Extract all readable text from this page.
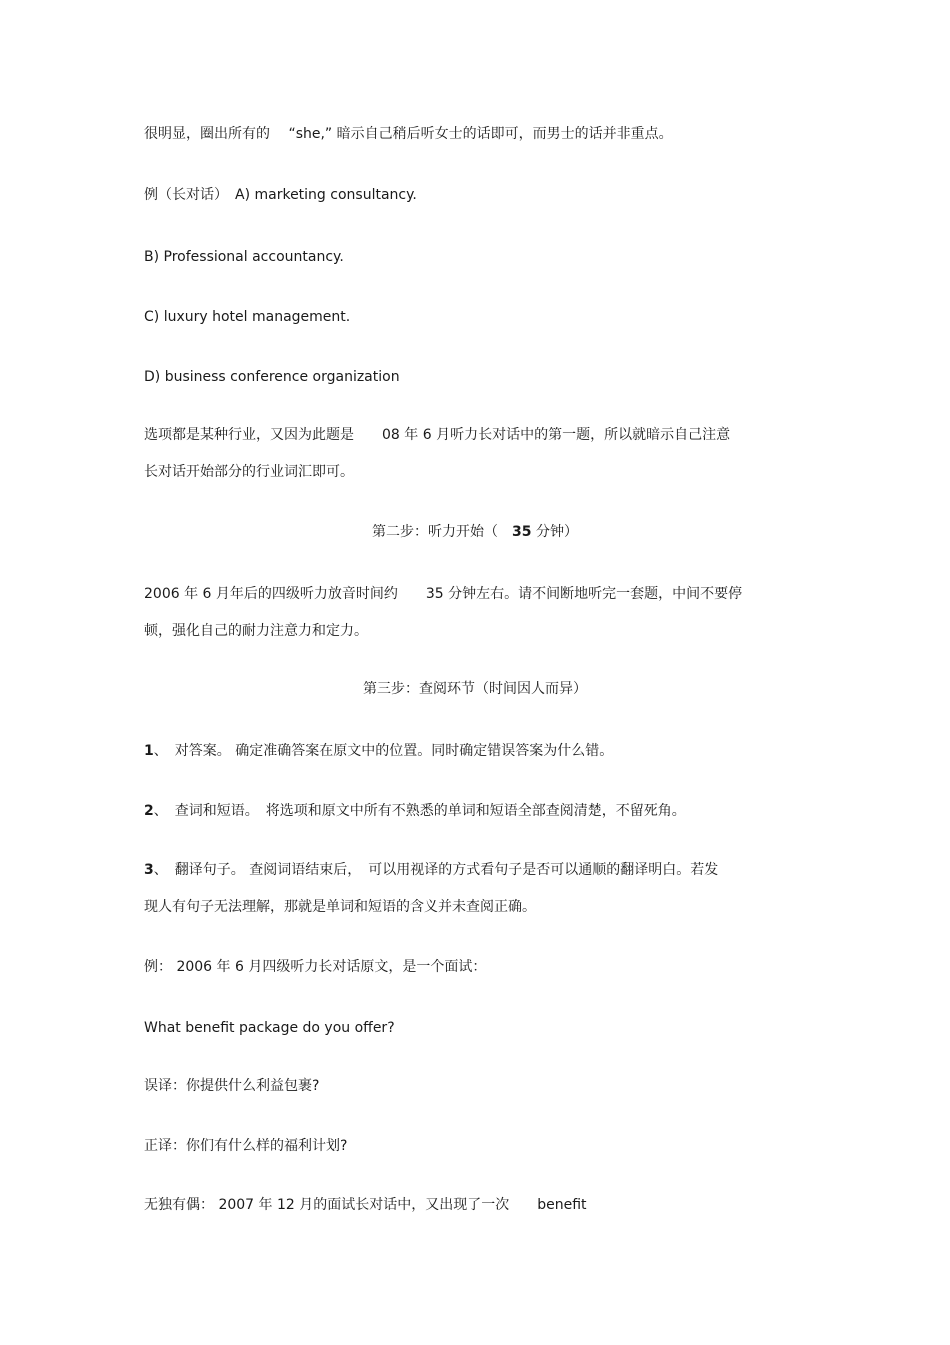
很明显，圈出所有的　 “she,” 暗示自己稍后听女士的话即可，而男士的话并非重点。
例（长对话）　A) marketing consultancy.
B) Professional accountancy.
C) luxury hotel management.
D) business conference organization
选项都是某种行业，又因为此题是　　08 年 6 月听力长对话中的第一题，所以就暗示自己注意
长对话开始部分的行业词汇即可。
第二步：听力开始（　35 分钟）
2006 年 6 月年后的四级听力放音时间约　　35 分钟左右。请不间断地听完一套题，中间不要停
顿，强化自己的耐力注意力和定力。
第三步：查阅环节（时间因人而异）
1、　对答案。 确定准确答案在原文中的位置。同时确定错误答案为什么错。
2、　查词和短语。　将选项和原文中所有不熟悉的单词和短语全部查阅清楚，不留死角。
3、　翻译句子。 查阅词语结束后，　可以用视译的方式看句子是否可以通顺的翻译明白。若发
现人有句子无法理解，那就是单词和短语的含义并未查阅正确。
例： 2006 年 6 月四级听力长对话原文，是一个面试：
What benefit package do you offer?
误译：你提供什么利益包裹?
正译：你们有什么样的福利计划?
无独有偶： 2007 年 12 月的面试长对话中，又出现了一次　　benefit
